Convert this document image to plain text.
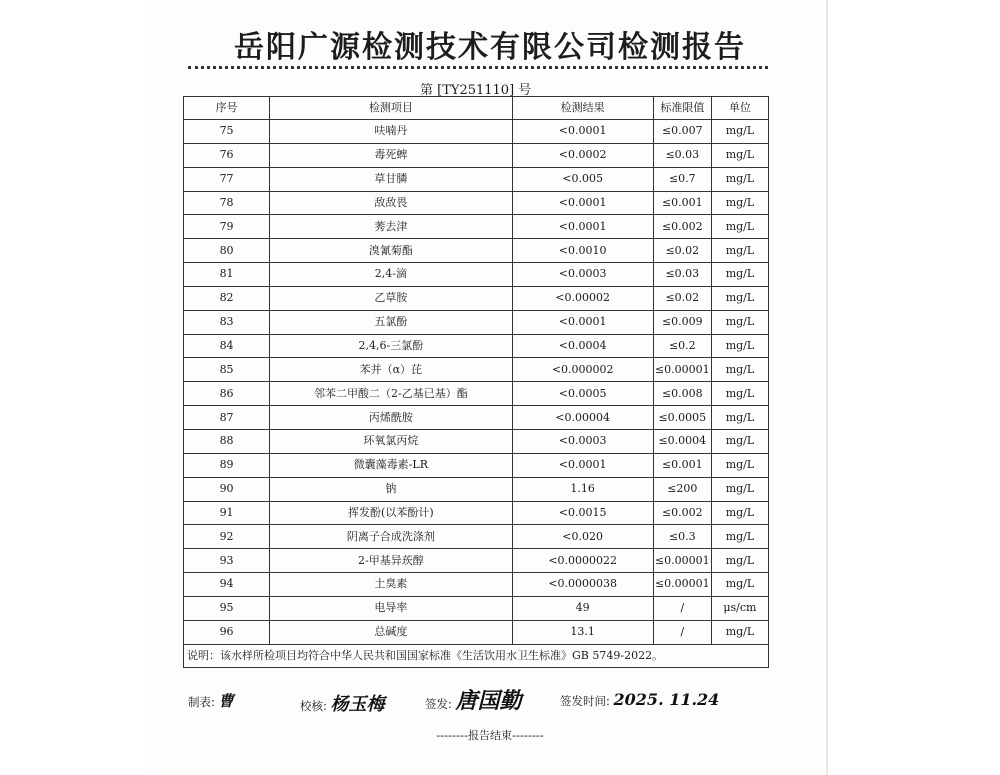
岳阳广源检测技术有限公司检测报告
第 [TY251110] 号
序号	检测项目	检测结果	标准限值	单位
75	呋喃丹	<0.0001	≤0.007	mg/L
76	毒死蜱	<0.0002	≤0.03	mg/L
77	草甘膦	<0.005	≤0.7	mg/L
78	敌敌畏	<0.0001	≤0.001	mg/L
79	莠去津	<0.0001	≤0.002	mg/L
80	溴氰菊酯	<0.0010	≤0.02	mg/L
81	2,4-滴	<0.0003	≤0.03	mg/L
82	乙草胺	<0.00002	≤0.02	mg/L
83	五氯酚	<0.0001	≤0.009	mg/L
84	2,4,6-三氯酚	<0.0004	≤0.2	mg/L
85	苯并（α）芘	<0.000002	≤0.00001	mg/L
86	邻苯二甲酸二（2-乙基已基）酯	<0.0005	≤0.008	mg/L
87	丙烯酰胺	<0.00004	≤0.0005	mg/L
88	环氧氯丙烷	<0.0003	≤0.0004	mg/L
89	微囊藻毒素-LR	<0.0001	≤0.001	mg/L
90	钠	1.16	≤200	mg/L
91	挥发酚(以苯酚计)	<0.0015	≤0.002	mg/L
92	阴离子合成洗涤剂	<0.020	≤0.3	mg/L
93	2-甲基异莰醇	<0.0000022	≤0.00001	mg/L
94	土臭素	<0.0000038	≤0.00001	mg/L
95	电导率	49	/	μs/cm
96	总碱度	13.1	/	mg/L
说明：该水样所检项目均符合中华人民共和国国家标准《生活饮用水卫生标准》GB 5749-2022。				
制表: 曹	校核: 杨玉梅	签发: 唐国勤	签发时间: 2025. 11.24
--------报告结束--------
